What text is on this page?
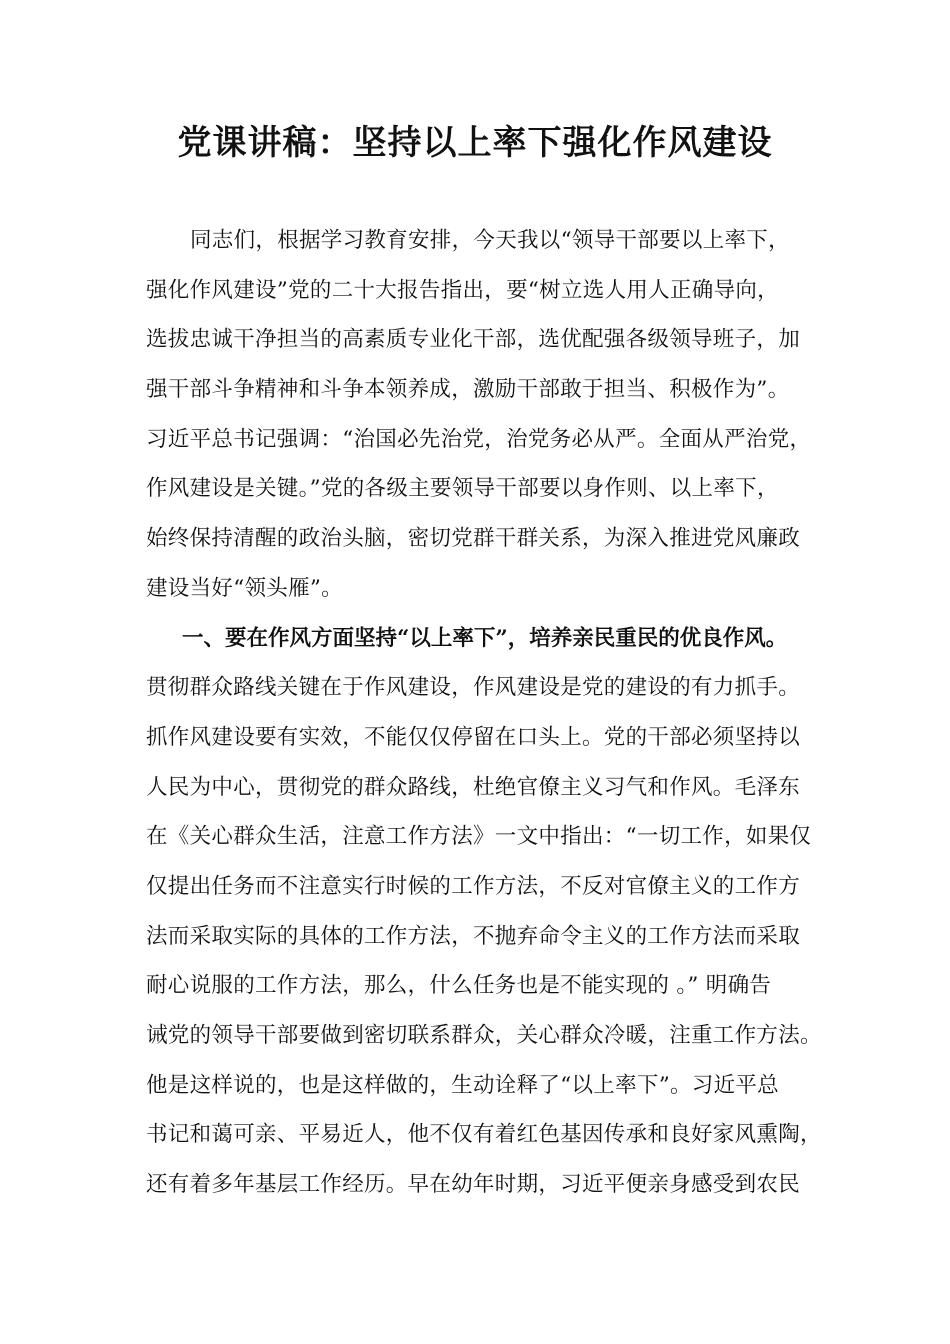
党课讲稿：坚持以上率下强化作风建设
同志们，根据学习教育安排，今天我以“领导干部要以上率下，
强化作风建设”党的二十大报告指出，要“树立选人用人正确导向，
选拔忠诚干净担当的高素质专业化干部，选优配强各级领导班子，加
强干部斗争精神和斗争本领养成，激励干部敢于担当、积极作为”。
习近平总书记强调：“治国必先治党，治党务必从严。全面从严治党，
作风建设是关键。”党的各级主要领导干部要以身作则、以上率下，
始终保持清醒的政治头脑，密切党群干群关系，为深入推进党风廉政
建设当好“领头雁”。
一、要在作风方面坚持“以上率下”，培养亲民重民的优良作风。
贯彻群众路线关键在于作风建设，作风建设是党的建设的有力抓手。
抓作风建设要有实效，不能仅仅停留在口头上。党的干部必须坚持以
人民为中心，贯彻党的群众路线，杜绝官僚主义习气和作风。毛泽东
在《关心群众生活，注意工作方法》一文中指出：“一切工作，如果仅
仅提出任务而不注意实行时候的工作方法，不反对官僚主义的工作方
法而采取实际的具体的工作方法，不抛弃命令主义的工作方法而采取
耐心说服的工作方法，那么，什么任务也是不能实现的 。” 明确告
诫党的领导干部要做到密切联系群众，关心群众冷暖，注重工作方法。
他是这样说的，也是这样做的，生动诠释了“以上率下”。习近平总
书记和蔼可亲、平易近人，他不仅有着红色基因传承和良好家风熏陶，
还有着多年基层工作经历。早在幼年时期，习近平便亲身感受到农民
